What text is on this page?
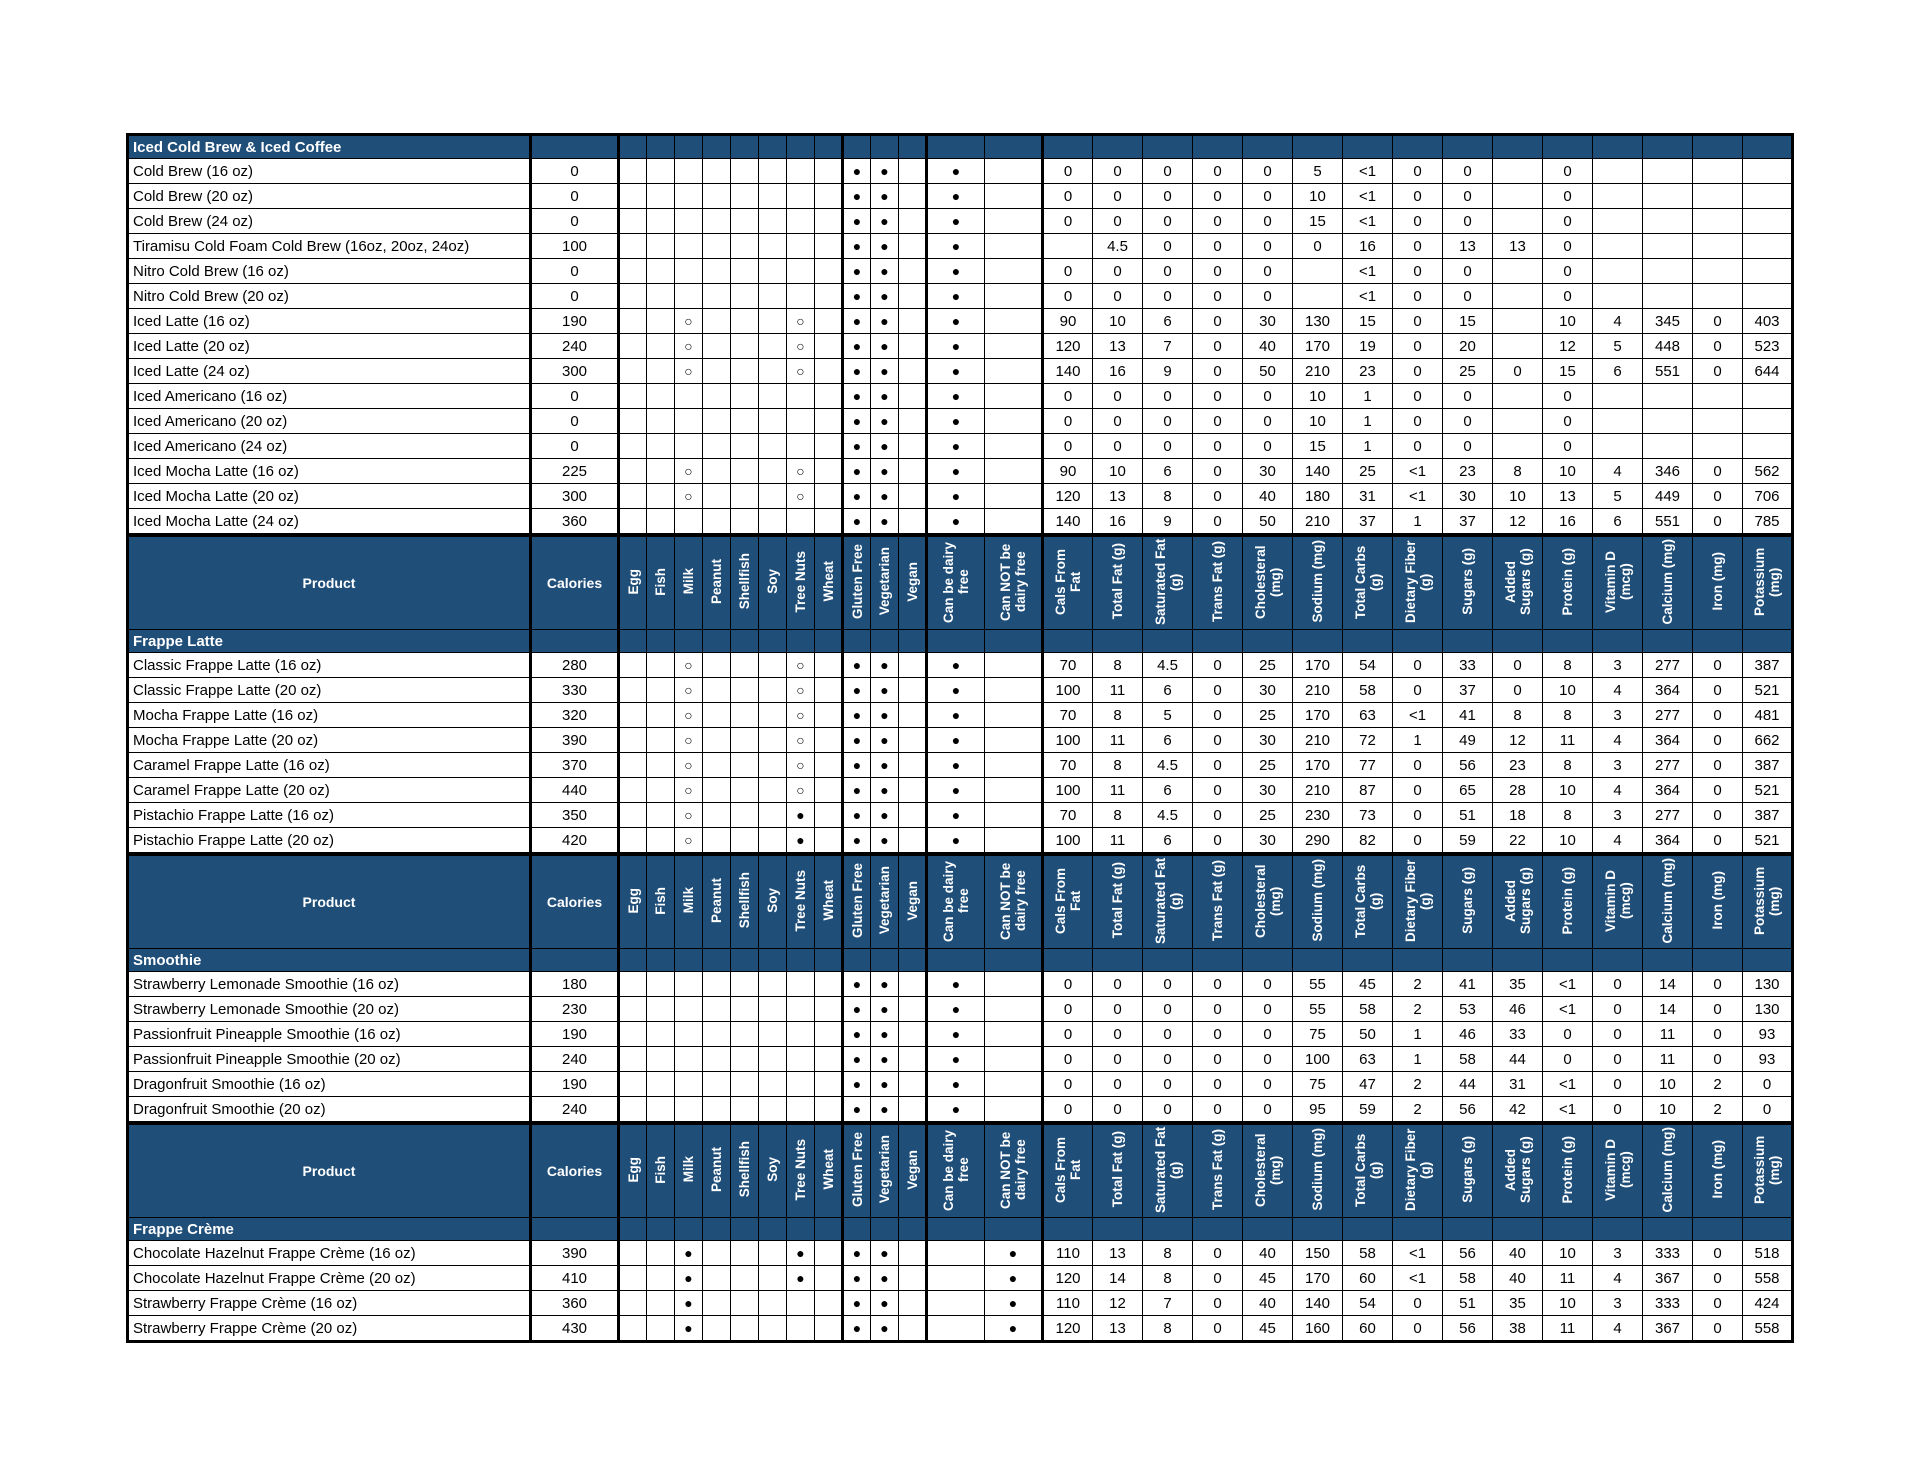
Iced Cold Brew & Iced Coffee																													
Cold Brew (16 oz)	0									●	●		●		0	0	0	0	0	5	<1	0	0		0				
Cold Brew (20 oz)	0									●	●		●		0	0	0	0	0	10	<1	0	0		0				
Cold Brew (24 oz)	0									●	●		●		0	0	0	0	0	15	<1	0	0		0				
Tiramisu Cold Foam Cold Brew (16oz, 20oz, 24oz)	100									●	●		●			4.5	0	0	0	0	16	0	13	13	0				
Nitro Cold Brew (16 oz)	0									●	●		●		0	0	0	0	0		<1	0	0		0				
Nitro Cold Brew (20 oz)	0									●	●		●		0	0	0	0	0		<1	0	0		0				
Iced Latte (16 oz)	190			○				○		●	●		●		90	10	6	0	30	130	15	0	15		10	4	345	0	403
Iced Latte (20 oz)	240			○				○		●	●		●		120	13	7	0	40	170	19	0	20		12	5	448	0	523
Iced Latte (24 oz)	300			○				○		●	●		●		140	16	9	0	50	210	23	0	25	0	15	6	551	0	644
Iced Americano (16 oz)	0									●	●		●		0	0	0	0	0	10	1	0	0		0				
Iced Americano (20 oz)	0									●	●		●		0	0	0	0	0	10	1	0	0		0				
Iced Americano (24 oz)	0									●	●		●		0	0	0	0	0	15	1	0	0		0				
Iced Mocha Latte (16 oz)	225			○				○		●	●		●		90	10	6	0	30	140	25	<1	23	8	10	4	346	0	562
Iced Mocha Latte (20 oz)	300			○				○		●	●		●		120	13	8	0	40	180	31	<1	30	10	13	5	449	0	706
Iced Mocha Latte (24 oz)	360									●	●		●		140	16	9	0	50	210	37	1	37	12	16	6	551	0	785
Product	Calories	Egg	Fish	Milk	Peanut	Shellfish	Soy	Tree Nuts	Wheat	Gluten Free	Vegetarian	Vegan	Can be dairy free	Can NOT be dairy free	Cals From Fat	Total Fat (g)	Saturated Fat (g)	Trans Fat (g)	Cholesteral (mg)	Sodium (mg)	Total Carbs (g)	Dietary Fiber (g)	Sugars (g)	Added Sugars (g)	Protein (g)	Vitamin D (mcg)	Calcium (mg)	Iron (mg)	Potassium (mg)
Frappe Latte																													
Classic Frappe Latte (16 oz)	280			○				○		●	●		●		70	8	4.5	0	25	170	54	0	33	0	8	3	277	0	387
Classic Frappe Latte (20 oz)	330			○				○		●	●		●		100	11	6	0	30	210	58	0	37	0	10	4	364	0	521
Mocha Frappe Latte (16 oz)	320			○				○		●	●		●		70	8	5	0	25	170	63	<1	41	8	8	3	277	0	481
Mocha Frappe Latte (20 oz)	390			○				○		●	●		●		100	11	6	0	30	210	72	1	49	12	11	4	364	0	662
Caramel Frappe Latte (16 oz)	370			○				○		●	●		●		70	8	4.5	0	25	170	77	0	56	23	8	3	277	0	387
Caramel Frappe Latte (20 oz)	440			○				○		●	●		●		100	11	6	0	30	210	87	0	65	28	10	4	364	0	521
Pistachio Frappe Latte (16 oz)	350			○				●		●	●		●		70	8	4.5	0	25	230	73	0	51	18	8	3	277	0	387
Pistachio Frappe Latte (20 oz)	420			○				●		●	●		●		100	11	6	0	30	290	82	0	59	22	10	4	364	0	521
Product	Calories	Egg	Fish	Milk	Peanut	Shellfish	Soy	Tree Nuts	Wheat	Gluten Free	Vegetarian	Vegan	Can be dairy free	Can NOT be dairy free	Cals From Fat	Total Fat (g)	Saturated Fat (g)	Trans Fat (g)	Cholesteral (mg)	Sodium (mg)	Total Carbs (g)	Dietary Fiber (g)	Sugars (g)	Added Sugars (g)	Protein (g)	Vitamin D (mcg)	Calcium (mg)	Iron (mg)	Potassium (mg)
Smoothie																													
Strawberry Lemonade Smoothie (16 oz)	180									●	●		●		0	0	0	0	0	55	45	2	41	35	<1	0	14	0	130
Strawberry Lemonade Smoothie (20 oz)	230									●	●		●		0	0	0	0	0	55	58	2	53	46	<1	0	14	0	130
Passionfruit Pineapple Smoothie (16 oz)	190									●	●		●		0	0	0	0	0	75	50	1	46	33	0	0	11	0	93
Passionfruit Pineapple Smoothie (20 oz)	240									●	●		●		0	0	0	0	0	100	63	1	58	44	0	0	11	0	93
Dragonfruit Smoothie (16 oz)	190									●	●		●		0	0	0	0	0	75	47	2	44	31	<1	0	10	2	0
Dragonfruit Smoothie (20 oz)	240									●	●		●		0	0	0	0	0	95	59	2	56	42	<1	0	10	2	0
Product	Calories	Egg	Fish	Milk	Peanut	Shellfish	Soy	Tree Nuts	Wheat	Gluten Free	Vegetarian	Vegan	Can be dairy free	Can NOT be dairy free	Cals From Fat	Total Fat (g)	Saturated Fat (g)	Trans Fat (g)	Cholesteral (mg)	Sodium (mg)	Total Carbs (g)	Dietary Fiber (g)	Sugars (g)	Added Sugars (g)	Protein (g)	Vitamin D (mcg)	Calcium (mg)	Iron (mg)	Potassium (mg)
Frappe Crème																													
Chocolate Hazelnut Frappe Crème (16 oz)	390			●				●		●	●			●	110	13	8	0	40	150	58	<1	56	40	10	3	333	0	518
Chocolate Hazelnut Frappe Crème (20 oz)	410			●				●		●	●			●	120	14	8	0	45	170	60	<1	58	40	11	4	367	0	558
Strawberry Frappe Crème (16 oz)	360			●						●	●			●	110	12	7	0	40	140	54	0	51	35	10	3	333	0	424
Strawberry Frappe Crème (20 oz)	430			●						●	●			●	120	13	8	0	45	160	60	0	56	38	11	4	367	0	558
